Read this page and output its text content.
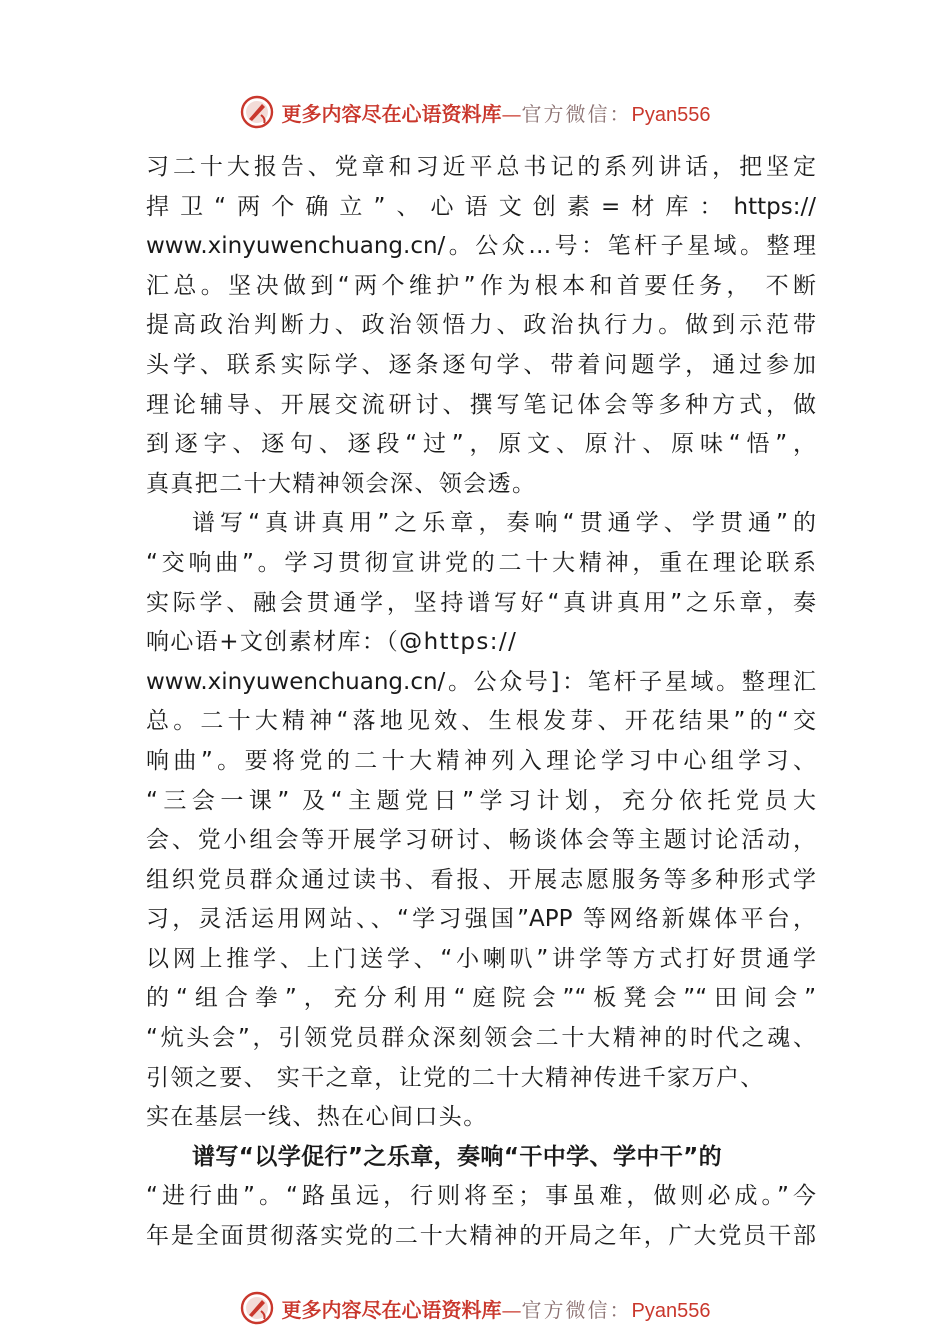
更多内容尽在心语资料库—官方微信：Pyan556
习二十大报告、党章和习近平总书记的系列讲话，把坚定
捍卫“两个确立”、心语文创素=材库：https://
www.xinyuwenchuang.cn/。公众…号：笔杆子星域。整理
汇总。坚决做到“两个维护”作为根本和首要任务， 不断
提高政治判断力、政治领悟力、政治执行力。做到示范带
头学、联系实际学、逐条逐句学、带着问题学，通过参加
理论辅导、开展交流研讨、撰写笔记体会等多种方式，做
到逐字、逐句、逐段“过”，原文、原汁、原味“悟”，
真真把二十大精神领会深、领会透。
谱写“真讲真用”之乐章，奏响“贯通学、学贯通”的
“交响曲”。学习贯彻宣讲党的二十大精神，重在理论联系
实际学、融会贯通学，坚持谱写好“真讲真用”之乐章，奏
响心语+文创素材库：（@https://
www.xinyuwenchuang.cn/。公众号]：笔杆子星域。整理汇
总。二十大精神“落地见效、生根发芽、开花结果”的“交
响曲”。要将党的二十大精神列入理论学习中心组学习、
“三会一课” 及“主题党日”学习计划，充分依托党员大
会、党小组会等开展学习研讨、畅谈体会等主题讨论活动，
组织党员群众通过读书、看报、开展志愿服务等多种形式学
习，灵活运用网站、、“学习强国”APP 等网络新媒体平台，
以网上推学、上门送学、“小喇叭”讲学等方式打好贯通学
的“组合拳”，充分利用“庭院会”“板凳会”“田间会”
“炕头会”，引领党员群众深刻领会二十大精神的时代之魂、
引领之要、 实干之章，让党的二十大精神传进千家万户、
实在基层一线、热在心间口头。
谱写“以学促行”之乐章，奏响“干中学、学中干”的
“进行曲”。“路虽远，行则将至；事虽难，做则必成。”今
年是全面贯彻落实党的二十大精神的开局之年，广大党员干部
更多内容尽在心语资料库—官方微信：Pyan556
